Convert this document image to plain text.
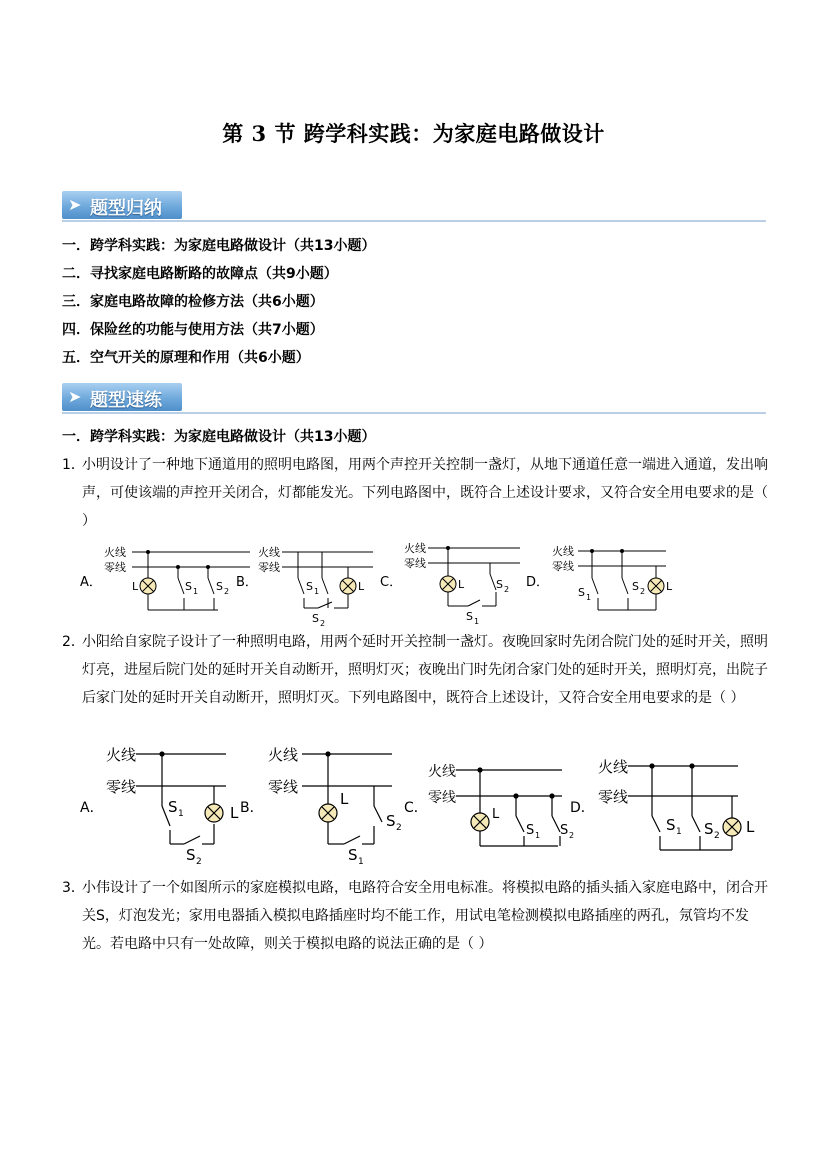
第 3 节 跨学科实践：为家庭电路做设计
➤ 题型归纳
一．跨学科实践：为家庭电路做设计（共13小题）
二．寻找家庭电路断路的故障点（共9小题）
三．家庭电路故障的检修方法（共6小题）
四．保险丝的功能与使用方法（共7小题）
五．空气开关的原理和作用（共6小题）
➤ 题型速练
一．跨学科实践：为家庭电路做设计（共13小题）
1．
小明设计了一种地下通道用的照明电路图，用两个声控开关控制一盏灯，从地下通道任意一端进入通道，发出响声，可使该端的声控开关闭合，灯都能发光。下列电路图中，既符合上述设计要求，又符合安全用电要求的是（ ）
火线
零线
L	S 1 S 2
A．
火线
零线
S 1
S 2
L
B．
火线
零线
L	S 2
S 1
C．
火线
零线
S 1
S 2 L
D．
2．
小阳给自家院子设计了一种照明电路，用两个延时开关控制一盏灯。夜晚回家时先闭合院门处的延时开关，照明灯亮，进屋后院门处的延时开关自动断开，照明灯灭；夜晚出门时先闭合家门处的延时开关，照明灯亮，出院子后家门处的延时开关自动断开，照明灯灭。下列电路图中，既符合上述设计，又符合安全用电要求的是（ ）
火线
零线
S 1	L
S 2
A．
火线
零线
L
S 2
S 1
B．
火线
零线
L
S 1 S 2
C．
火线
零线
S 1 S 2 L
D．
3．
小伟设计了一个如图所示的家庭模拟电路，电路符合安全用电标准。将模拟电路的插头插入家庭电路中，闭合开关S，灯泡发光；家用电器插入模拟电路插座时均不能工作，用试电笔检测模拟电路插座的两孔，氖管均不发光。若电路中只有一处故障，则关于模拟电路的说法正确的是（ ）
